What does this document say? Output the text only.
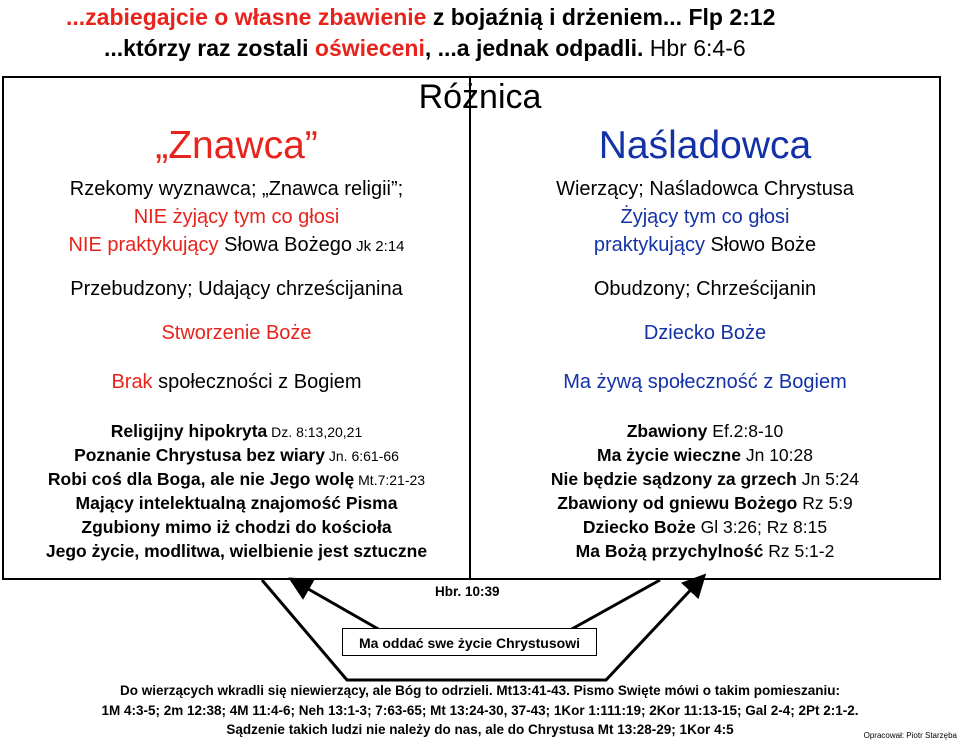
...zabiegajcie o własne zbawienie z bojaźnią i drżeniem... Flp 2:12
...którzy raz zostali oświeceni, ...a jednak odpadli. Hbr 6:4-6
Różnica
„Znawca”
Rzekomy wyznawca; „Znawca religii”;
NIE żyjący tym co głosi
NIE praktykujący Słowa Bożego Jk 2:14
Przebudzony; Udający chrześcijanina
Stworzenie Boże
Brak społeczności z Bogiem
Religijny hipokryta Dz. 8:13,20,21
Poznanie Chrystusa bez wiary Jn. 6:61-66
Robi coś dla Boga, ale nie Jego wolę Mt.7:21-23
Mający intelektualną znajomość Pisma
Zgubiony mimo iż chodzi do kościoła
Jego życie, modlitwa, wielbienie jest sztuczne
Naśladowca
Wierzący; Naśladowca Chrystusa
Żyjący tym co głosi
praktykujący Słowo Boże
Obudzony; Chrześcijanin
Dziecko Boże
Ma żywą społeczność z Bogiem
Zbawiony Ef.2:8-10
Ma życie wieczne Jn 10:28
Nie będzie sądzony za grzech Jn 5:24
Zbawiony od gniewu Bożego Rz 5:9
Dziecko Boże Gl 3:26; Rz 8:15
Ma Bożą przychylność Rz 5:1-2
Hbr. 10:39
Ma oddać swe życie Chrystusowi
Do wierzących wkradli się niewierzący, ale Bóg to odrzieli. Mt13:41-43. Pismo Swięte mówi o takim pomieszaniu:
1M 4:3-5; 2m 12:38; 4M 11:4-6; Neh 13:1-3; 7:63-65; Mt 13:24-30, 37-43; 1Kor 1:111:19; 2Kor 11:13-15; Gal 2-4; 2Pt 2:1-2.
Sądzenie takich ludzi nie należy do nas, ale do Chrystusa Mt 13:28-29; 1Kor 4:5	Opracował: Piotr Starzęba
